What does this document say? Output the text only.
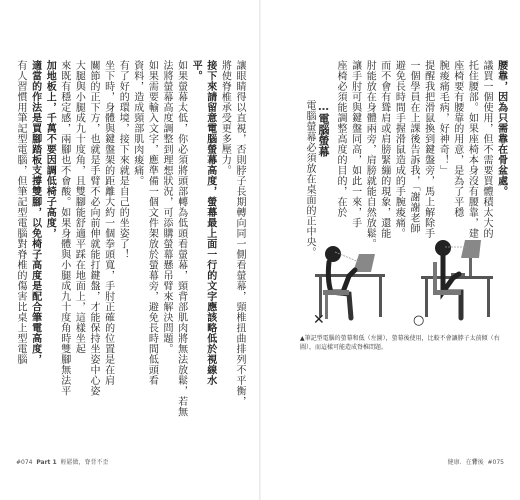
有人習慣用筆記型電腦，但筆記型電腦對脊椎的傷害比桌上型電腦 適當的作法是買腳踏板支撐雙腳，以免椅子高度是配合筆電高度， 加地板上，千萬不要因調低椅子高度， 來既有穩定感，兩腳也不會酸。如果身體與小腿成九十度角時雙腳無法平 大腿與小腿成九十度角，且雙腳能舒適平踩在地面上，這樣坐起 關節的正下方，也就是手臂不必向前伸就能打鍵盤，才能保持坐姿中心姿 坐下時，身體與鍵盤架的距離大約一個拳頭寬，手肘正確的位置是在肩 有了好的環境，接下來就是自己的坐姿了！ 資料，造成頸部肌肉痠痛。 如果需要輸入文字，應準備一個文件架放於螢幕旁，避免長時間低頭看 法將螢幕高度調整到理想狀況，可添購螢幕懸吊臂來解決問題。 如果螢幕太低，你必須將頭部轉為低頭看螢幕，頸背部肌肉將無法放鬆，若無 平。 接下來請留意電腦螢幕高度，螢幕最上面一行的文字應該略低於視線水 將使脊椎承受更多壓力。 讓眼睛得以直視，否則脖子長期轉向同一側看螢幕，頸椎扭曲排列不平衡，
#074 Part 1 輕鬆做，脊背不歪
座椅必須能調整高度的目的，在於 讓手肘可與鍵盤同高，如此一來，手 肘能放在身體兩旁，肩膀就能自然放鬆。 而不會有聳肩或肩膀緊繃的現象，還能 避免長時間手握滑鼠造成的手腕痠痛。 一個學員在上課後告訴我，「謝謝老師 提醒我把滑鼠換到鍵盤旁，馬上解除手 腕痠痛毛病，好神奇！」 座椅要有腰靠的用意，是為了平穩 托住腰部。如果座椅本身沒有腰靠，建 議買一個使用，但不需要買體積太大的 腰靠，因為只需靠在骨盆處。
…電腦螢幕
電腦螢幕必須放在桌面的正中央。
健康．在背後 #075
✕	○
▲筆記型電腦的螢幕和低（左圖），螢幕後使用，比較不會讓脖子太前傾（右圖），而這樣可能造成脊椎問題。
